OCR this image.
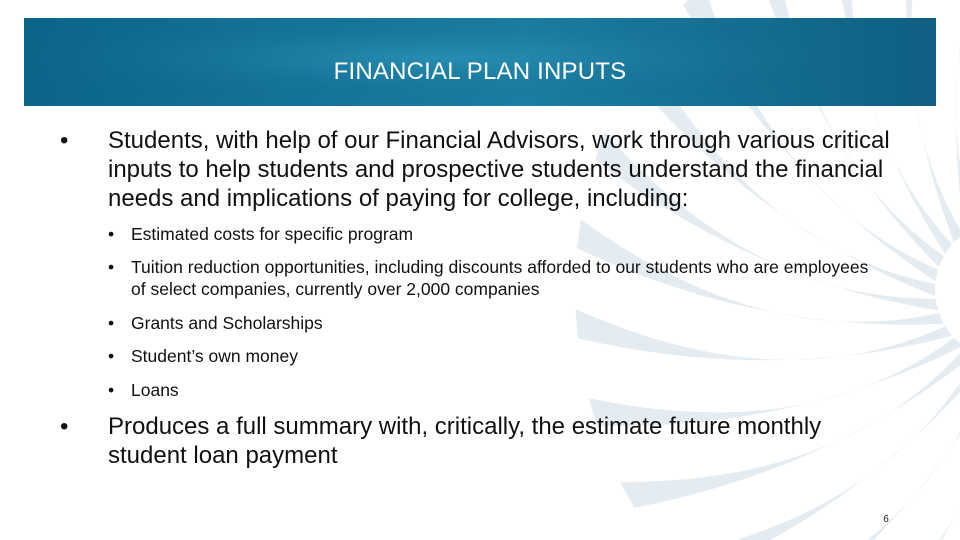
FINANCIAL PLAN INPUTS
•	Students, with help of our Financial Advisors, work through various critical inputs to help students and prospective students understand the financial needs and implications of paying for college, including:
• Estimated costs for specific program
• Tuition reduction opportunities, including discounts afforded to our students who are employees of select companies, currently over 2,000 companies
• Grants and Scholarships
• Student’s own money
• Loans
•	Produces a full summary with, critically, the estimate future monthly student loan payment
6
